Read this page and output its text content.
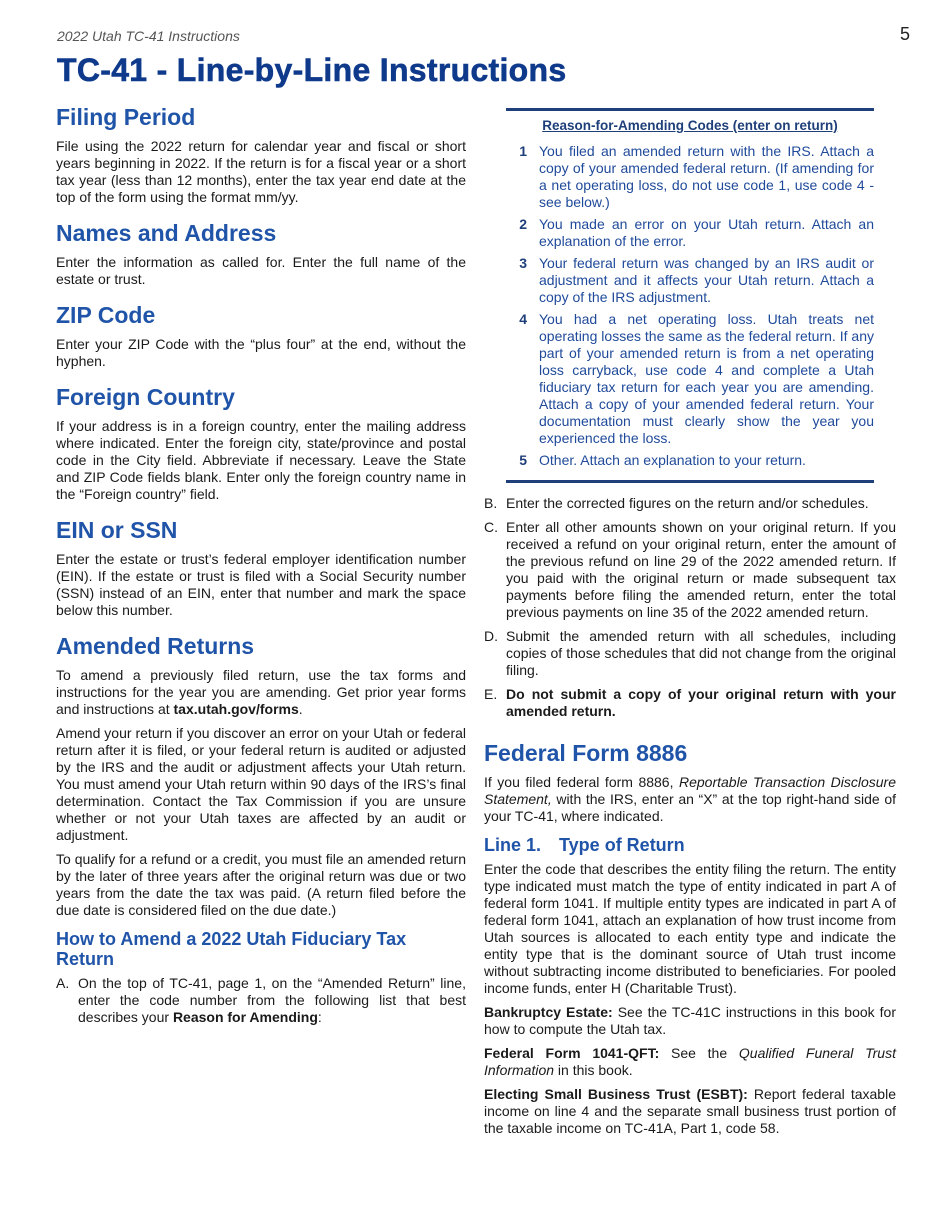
2022 Utah TC-41 Instructions	5
TC-41 - Line-by-Line Instructions
Filing Period

File using the 2022 return for calendar year and fiscal or short years beginning in 2022. If the return is for a fiscal year or a short tax year (less than 12 months), enter the tax year end date at the top of the form using the format mm/yy.

Names and Address

Enter the information as called for. Enter the full name of the estate or trust.

ZIP Code

Enter your ZIP Code with the “plus four” at the end, without the hyphen.

Foreign Country

If your address is in a foreign country, enter the mailing address where indicated. Enter the foreign city, state/province and postal code in the City field. Abbreviate if necessary. Leave the State and ZIP Code fields blank. Enter only the foreign country name in the “Foreign country” field.

EIN or SSN

Enter the estate or trust’s federal employer identification number (EIN). If the estate or trust is filed with a Social Security number (SSN) instead of an EIN, enter that number and mark the space below this number.

Amended Returns

To amend a previously filed return, use the tax forms and instructions for the year you are amending. Get prior year forms and instructions at tax.utah.gov/forms.

Amend your return if you discover an error on your Utah or federal return after it is filed, or your federal return is audited or adjusted by the IRS and the audit or adjustment affects your Utah return. You must amend your Utah return within 90 days of the IRS’s final determination. Contact the Tax Commission if you are unsure whether or not your Utah taxes are affected by an audit or adjustment.

To qualify for a refund or a credit, you must file an amended return by the later of three years after the original return was due or two years from the date the tax was paid. (A return filed before the due date is considered filed on the due date.)

How to Amend a 2022 Utah Fiduciary Tax Return
A. On the top of TC-41, page 1, on the “Amended Return” line, enter the code number from the following list that best describes your Reason for Amending:
Reason-for-Amending Codes (enter on return)
1 You filed an amended return with the IRS. Attach a copy of your amended federal return. (If amending for a net operating loss, do not use code 1, use code 4 - see below.)
2 You made an error on your Utah return. Attach an explanation of the error.
3 Your federal return was changed by an IRS audit or adjustment and it affects your Utah return. Attach a copy of the IRS adjustment.
4 You had a net operating loss. Utah treats net operating losses the same as the federal return. If any part of your amended return is from a net operating loss carryback, use code 4 and complete a Utah fiduciary tax return for each year you are amending. Attach a copy of your amended federal return. Your documentation must clearly show the year you experienced the loss.
5 Other. Attach an explanation to your return.
B. Enter the corrected figures on the return and/or schedules.
C. Enter all other amounts shown on your original return. If you received a refund on your original return, enter the amount of the previous refund on line 29 of the 2022 amended return. If you paid with the original return or made subsequent tax payments before filing the amended return, enter the total previous payments on line 35 of the 2022 amended return.
D. Submit the amended return with all schedules, including copies of those schedules that did not change from the original filing.
E. Do not submit a copy of your original return with your amended return.
Federal Form 8886

If you filed federal form 8886, Reportable Transaction Disclosure Statement, with the IRS, enter an “X” at the top right-hand side of your TC-41, where indicated.

Line 1. Type of Return

Enter the code that describes the entity filing the return. The entity type indicated must match the type of entity indicated in part A of federal form 1041. If multiple entity types are indicated in part A of federal form 1041, attach an explanation of how trust income from Utah sources is allocated to each entity type and indicate the entity type that is the dominant source of Utah trust income without subtracting income distributed to beneficiaries. For pooled income funds, enter H (Charitable Trust).

Bankruptcy Estate: See the TC-41C instructions in this book for how to compute the Utah tax.

Federal Form 1041-QFT: See the Qualified Funeral Trust Information in this book.

Electing Small Business Trust (ESBT): Report federal taxable income on line 4 and the separate small business trust portion of the taxable income on TC-41A, Part 1, code 58.
